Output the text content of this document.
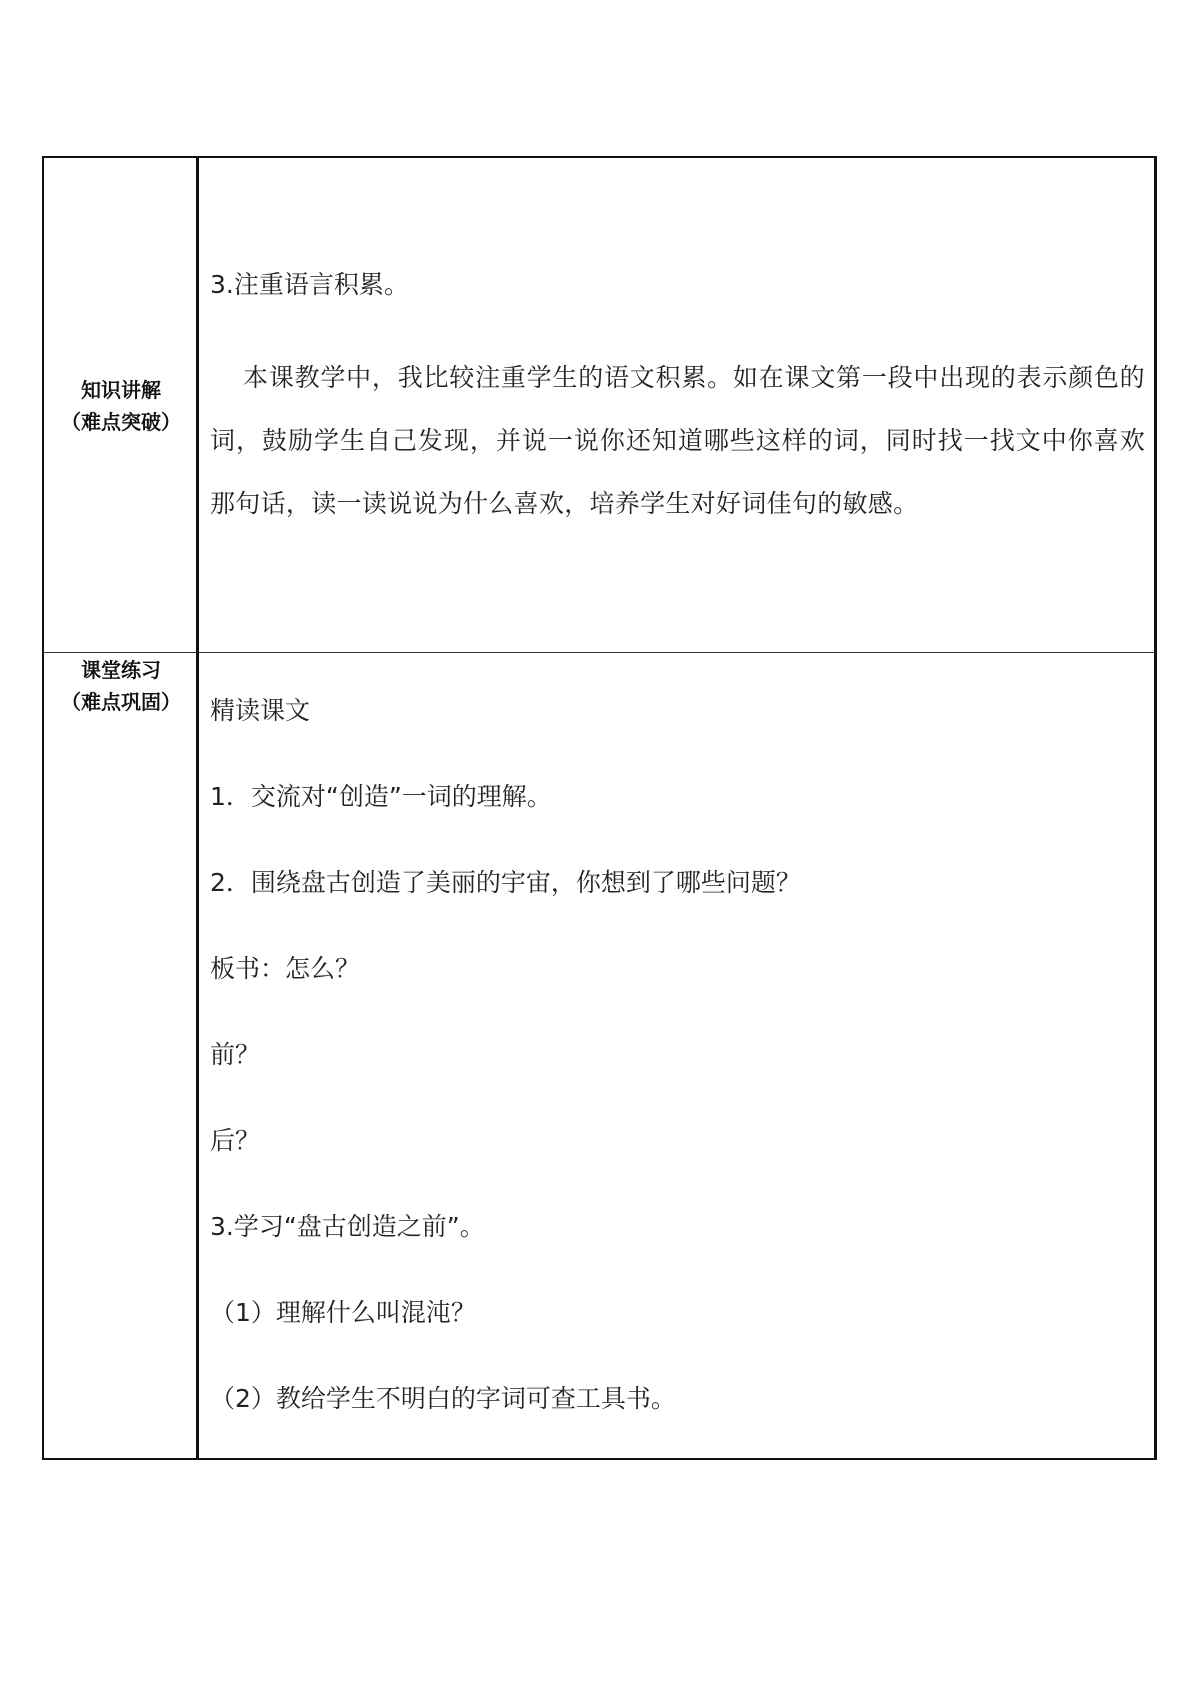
知识讲解
（难点突破）
3.注重语言积累。
本课教学中，我比较注重学生的语文积累。如在课文第一段中出现的表示颜色的词，鼓励学生自己发现，并说一说你还知道哪些这样的词，同时找一找文中你喜欢那句话，读一读说说为什么喜欢，培养学生对好词佳句的敏感。
课堂练习
（难点巩固）	精读课文
1．交流对“创造”一词的理解。
2．围绕盘古创造了美丽的宇宙，你想到了哪些问题？
板书：怎么？
前？
后？
3.学习“盘古创造之前”。
（1）理解什么叫混沌？
（2）教给学生不明白的字词可查工具书。
